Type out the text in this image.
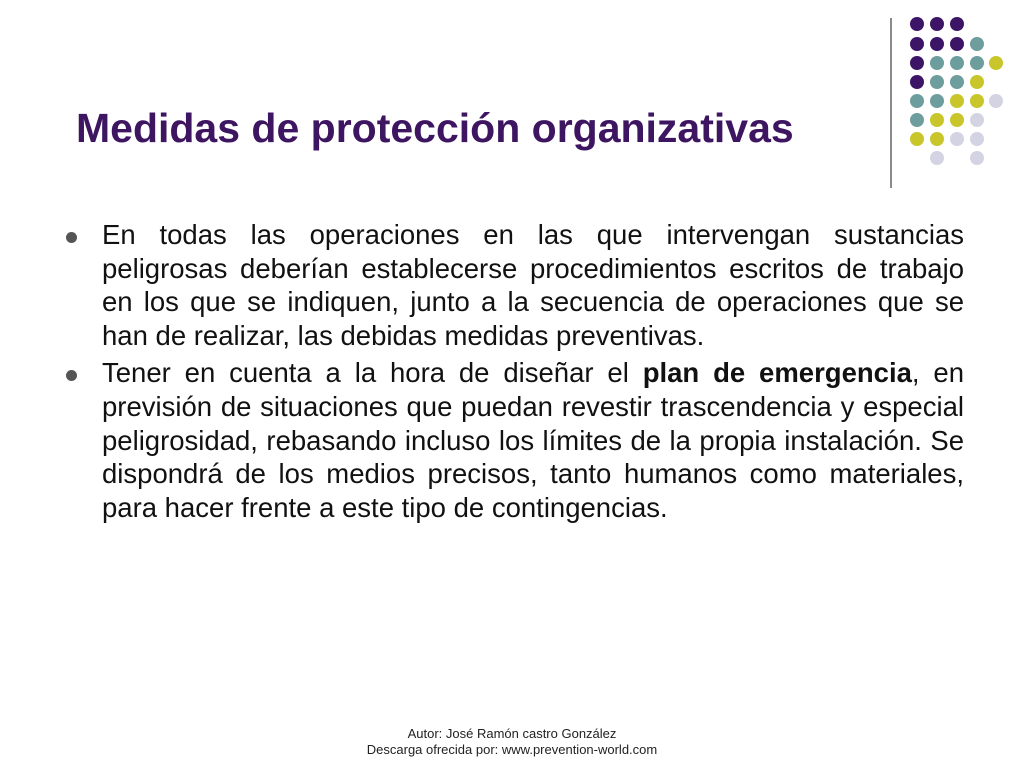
Medidas de protección organizativas
En todas las operaciones en las que intervengan sustancias peligrosas deberían establecerse procedimientos escritos de trabajo en los que se indiquen, junto a la secuencia de operaciones que se han de realizar, las debidas medidas preventivas.
Tener en cuenta a la hora de diseñar el plan de emergencia, en previsión de situaciones que puedan revestir trascendencia y especial peligrosidad, rebasando incluso los límites de la propia instalación. Se dispondrá de los medios precisos, tanto humanos como materiales, para hacer frente a este tipo de contingencias.
Autor: José Ramón castro González
Descarga ofrecida por: www.prevention-world.com
